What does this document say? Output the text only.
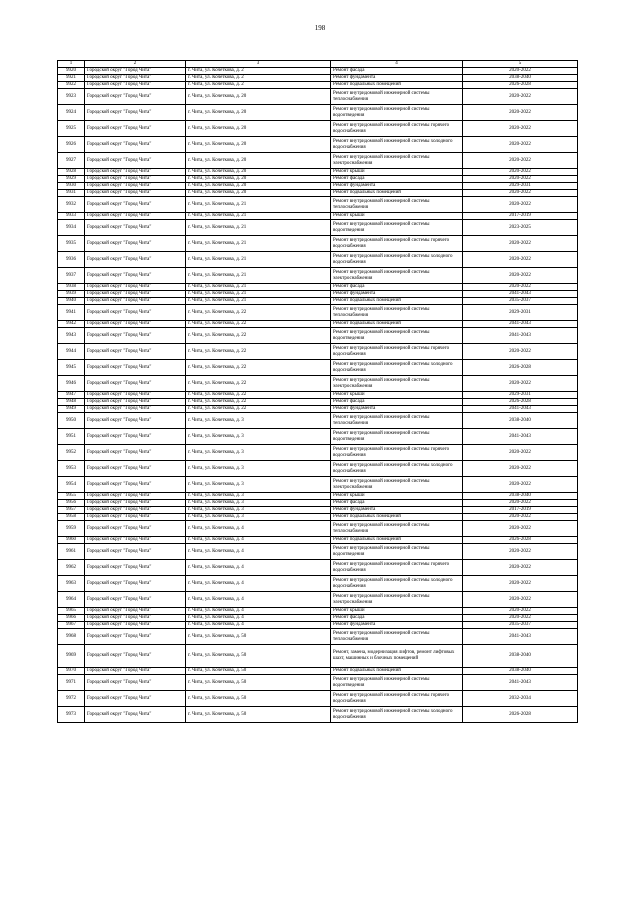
198
1	2	3	4	5
9920	Городской округ "Город Чита"	г. Чита, ул. Кочеткова, д. 2	Ремонт фасада	2020-2022
9921	Городской округ "Город Чита"	г. Чита, ул. Кочеткова, д. 2	Ремонт фундамента	2038-2040
9922	Городской округ "Город Чита"	г. Чита, ул. Кочеткова, д. 2	Ремонт подвальных помещений	2026-2028
9923	Городской округ "Город Чита"	г. Чита, ул. Кочеткова, д. 20	Ремонт внутридомовой инженерной системы теплоснабжения	2020-2022
9924	Городской округ "Город Чита"	г. Чита, ул. Кочеткова, д. 20	Ремонт внутридомовой инженерной системы водоотведения	2020-2022
9925	Городской округ "Город Чита"	г. Чита, ул. Кочеткова, д. 20	Ремонт внутридомовой инженерной системы горячего водоснабжения	2020-2022
9926	Городской округ "Город Чита"	г. Чита, ул. Кочеткова, д. 20	Ремонт внутридомовой инженерной системы холодного водоснабжения	2020-2022
9927	Городской округ "Город Чита"	г. Чита, ул. Кочеткова, д. 20	Ремонт внутридомовой инженерной системы электроснабжения	2020-2022
9928	Городской округ "Город Чита"	г. Чита, ул. Кочеткова, д. 20	Ремонт крыши	2020-2022
9929	Городской округ "Город Чита"	г. Чита, ул. Кочеткова, д. 20	Ремонт фасада	2020-2022
9930	Городской округ "Город Чита"	г. Чита, ул. Кочеткова, д. 20	Ремонт фундамента	2029-2031
9931	Городской округ "Город Чита"	г. Чита, ул. Кочеткова, д. 20	Ремонт подвальных помещений	2020-2022
9932	Городской округ "Город Чита"	г. Чита, ул. Кочеткова, д. 21	Ремонт внутридомовой инженерной системы теплоснабжения	2020-2022
9933	Городской округ "Город Чита"	г. Чита, ул. Кочеткова, д. 21	Ремонт крыши	2017-2019
9934	Городской округ "Город Чита"	г. Чита, ул. Кочеткова, д. 21	Ремонт внутридомовой инженерной системы водоотведения	2023-2025
9935	Городской округ "Город Чита"	г. Чита, ул. Кочеткова, д. 21	Ремонт внутридомовой инженерной системы горячего водоснабжения	2020-2022
9936	Городской округ "Город Чита"	г. Чита, ул. Кочеткова, д. 21	Ремонт внутридомовой инженерной системы холодного водоснабжения	2020-2022
9937	Городской округ "Город Чита"	г. Чита, ул. Кочеткова, д. 21	Ремонт внутридомовой инженерной системы электроснабжения	2020-2022
9938	Городской округ "Город Чита"	г. Чита, ул. Кочеткова, д. 21	Ремонт фасада	2020-2022
9939	Городской округ "Город Чита"	г. Чита, ул. Кочеткова, д. 21	Ремонт фундамента	2041-2043
9940	Городской округ "Город Чита"	г. Чита, ул. Кочеткова, д. 21	Ремонт подвальных помещений	2035-2037
9941	Городской округ "Город Чита"	г. Чита, ул. Кочеткова, д. 22	Ремонт внутридомовой инженерной системы теплоснабжения	2029-2031
9942	Городской округ "Город Чита"	г. Чита, ул. Кочеткова, д. 22	Ремонт подвальных помещений	2041-2043
9943	Городской округ "Город Чита"	г. Чита, ул. Кочеткова, д. 22	Ремонт внутридомовой инженерной системы водоотведения	2041-2043
9944	Городской округ "Город Чита"	г. Чита, ул. Кочеткова, д. 22	Ремонт внутридомовой инженерной системы горячего водоснабжения	2020-2022
9945	Городской округ "Город Чита"	г. Чита, ул. Кочеткова, д. 22	Ремонт внутридомовой инженерной системы холодного водоснабжения	2026-2028
9946	Городской округ "Город Чита"	г. Чита, ул. Кочеткова, д. 22	Ремонт внутридомовой инженерной системы электроснабжения	2020-2022
9947	Городской округ "Город Чита"	г. Чита, ул. Кочеткова, д. 22	Ремонт крыши	2029-2031
9948	Городской округ "Город Чита"	г. Чита, ул. Кочеткова, д. 22	Ремонт фасада	2026-2028
9949	Городской округ "Город Чита"	г. Чита, ул. Кочеткова, д. 22	Ремонт фундамента	2041-2043
9950	Городской округ "Город Чита"	г. Чита, ул. Кочеткова, д. 3	Ремонт внутридомовой инженерной системы теплоснабжения	2038-2040
9951	Городской округ "Город Чита"	г. Чита, ул. Кочеткова, д. 3	Ремонт внутридомовой инженерной системы водоотведения	2041-2043
9952	Городской округ "Город Чита"	г. Чита, ул. Кочеткова, д. 3	Ремонт внутридомовой инженерной системы горячего водоснабжения	2020-2022
9953	Городской округ "Город Чита"	г. Чита, ул. Кочеткова, д. 3	Ремонт внутридомовой инженерной системы холодного водоснабжения	2020-2022
9954	Городской округ "Город Чита"	г. Чита, ул. Кочеткова, д. 3	Ремонт внутридомовой инженерной системы электроснабжения	2020-2022
9955	Городской округ "Город Чита"	г. Чита, ул. Кочеткова, д. 3	Ремонт крыши	2038-2040
9956	Городской округ "Город Чита"	г. Чита, ул. Кочеткова, д. 3	Ремонт фасада	2020-2022
9957	Городской округ "Город Чита"	г. Чита, ул. Кочеткова, д. 3	Ремонт фундамента	2017-2019
9958	Городской округ "Город Чита"	г. Чита, ул. Кочеткова, д. 3	Ремонт подвальных помещений	2020-2022
9959	Городской округ "Город Чита"	г. Чита, ул. Кочеткова, д. 4	Ремонт внутридомовой инженерной системы теплоснабжения	2020-2022
9960	Городской округ "Город Чита"	г. Чита, ул. Кочеткова, д. 4	Ремонт подвальных помещений	2026-2028
9961	Городской округ "Город Чита"	г. Чита, ул. Кочеткова, д. 4	Ремонт внутридомовой инженерной системы водоотведения	2020-2022
9962	Городской округ "Город Чита"	г. Чита, ул. Кочеткова, д. 4	Ремонт внутридомовой инженерной системы горячего водоснабжения	2020-2022
9963	Городской округ "Город Чита"	г. Чита, ул. Кочеткова, д. 4	Ремонт внутридомовой инженерной системы холодного водоснабжения	2020-2022
9964	Городской округ "Город Чита"	г. Чита, ул. Кочеткова, д. 4	Ремонт внутридомовой инженерной системы электроснабжения	2020-2022
9965	Городской округ "Город Чита"	г. Чита, ул. Кочеткова, д. 4	Ремонт крыши	2020-2022
9966	Городской округ "Город Чита"	г. Чита, ул. Кочеткова, д. 4	Ремонт фасада	2020-2022
9967	Городской округ "Город Чита"	г. Чита, ул. Кочеткова, д. 4	Ремонт фундамента	2035-2037
9968	Городской округ "Город Чита"	г. Чита, ул. Кочеткова, д. 50	Ремонт внутридомовой инженерной системы теплоснабжения	2041-2043
9969	Городской округ "Город Чита"	г. Чита, ул. Кочеткова, д. 50	Ремонт, замена, модернизация лифтов, ремонт лифтовых шахт, машинных и блочных помещений	2038-2040
9970	Городской округ "Город Чита"	г. Чита, ул. Кочеткова, д. 50	Ремонт подвальных помещений	2038-2040
9971	Городской округ "Город Чита"	г. Чита, ул. Кочеткова, д. 50	Ремонт внутридомовой инженерной системы водоотведения	2041-2043
9972	Городской округ "Город Чита"	г. Чита, ул. Кочеткова, д. 50	Ремонт внутридомовой инженерной системы горячего водоснабжения	2032-2034
9973	Городской округ "Город Чита"	г. Чита, ул. Кочеткова, д. 50	Ремонт внутридомовой инженерной системы холодного водоснабжения	2026-2028
